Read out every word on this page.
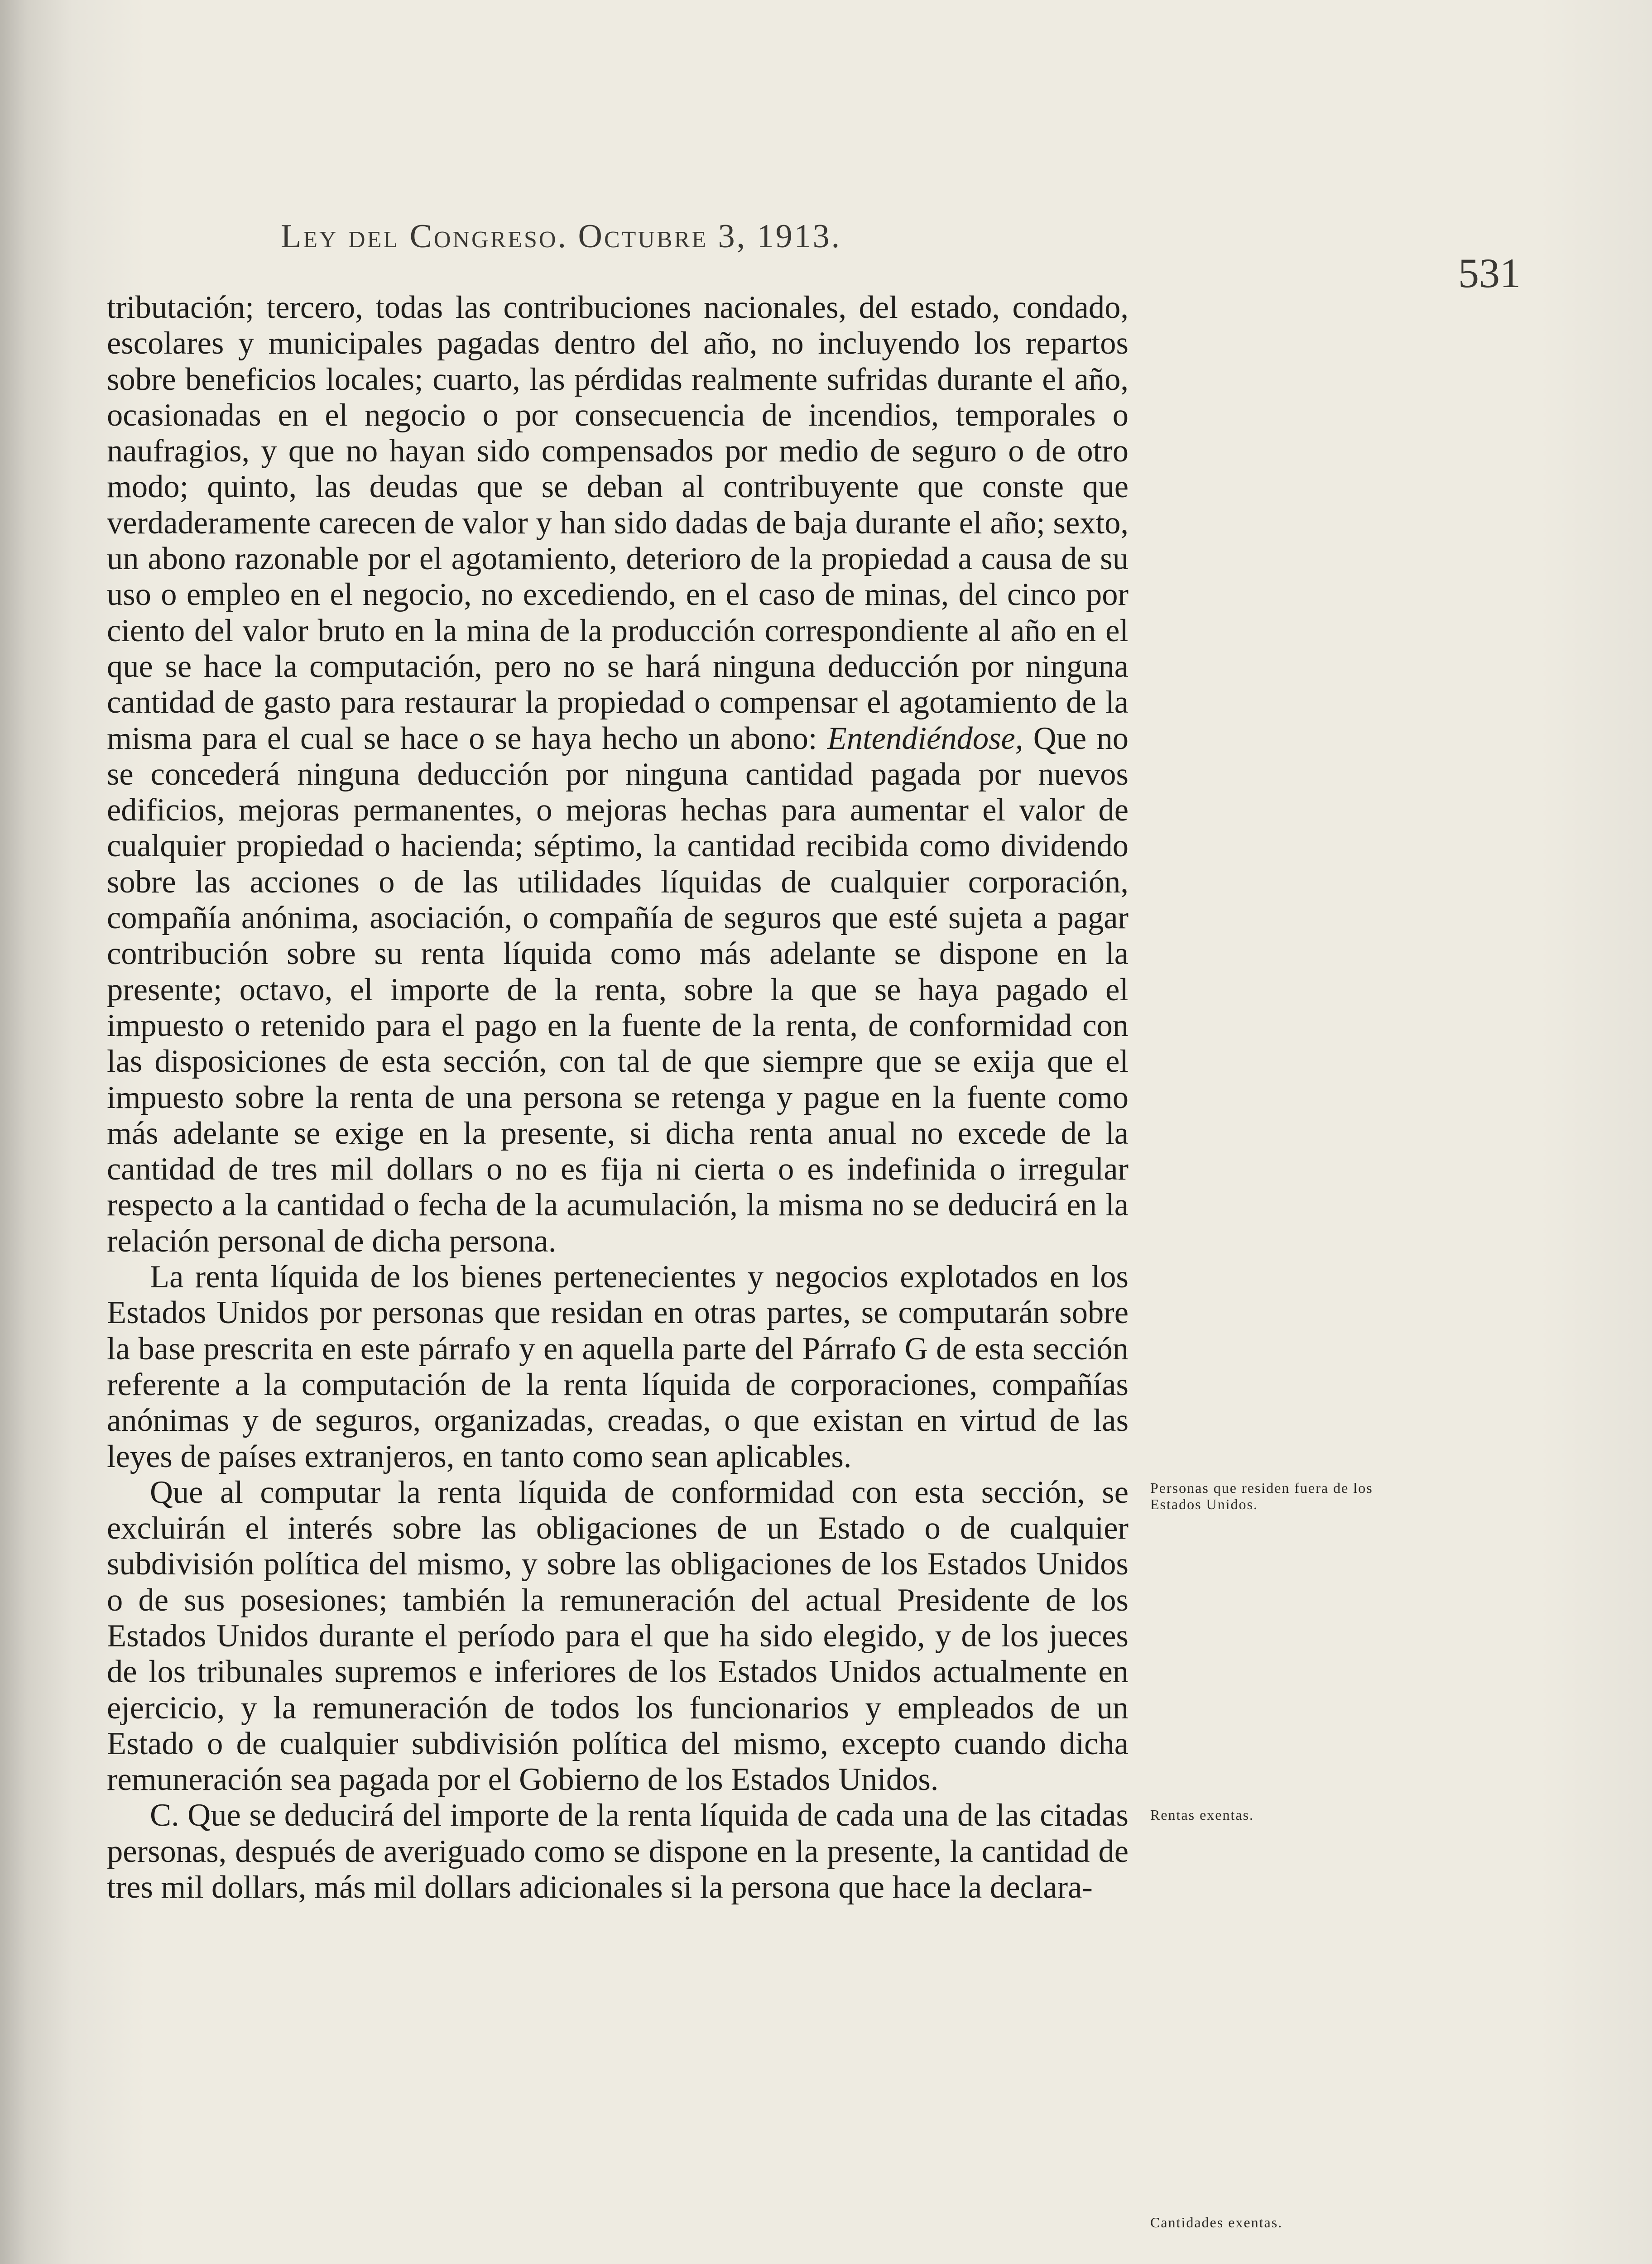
Ley del Congreso. Octubre 3, 1913.
531

tributación; tercero, todas las contribuciones nacionales, del estado, condado, escolares y municipales pagadas dentro del año, no incluyendo los repartos sobre beneficios locales; cuarto, las pérdidas realmente sufridas durante el año, ocasionadas en el negocio o por consecuencia de incendios, temporales o naufragios, y que no hayan sido compensados por medio de seguro o de otro modo; quinto, las deudas que se deban al contribuyente que conste que verdaderamente carecen de valor y han sido dadas de baja durante el año; sexto, un abono razonable por el agotamiento, deterioro de la propiedad a causa de su uso o empleo en el negocio, no excediendo, en el caso de minas, del cinco por ciento del valor bruto en la mina de la producción correspondiente al año en el que se hace la computación, pero no se hará ninguna deducción por ninguna cantidad de gasto para restaurar la propiedad o compensar el agotamiento de la misma para el cual se hace o se haya hecho un abono: Entendiéndose, Que no se concederá ninguna deducción por ninguna cantidad pagada por nuevos edificios, mejoras permanentes, o mejoras hechas para aumentar el valor de cualquier propiedad o hacienda; séptimo, la cantidad recibida como dividendo sobre las acciones o de las utilidades líquidas de cualquier corporación, compañía anónima, asociación, o compañía de seguros que esté sujeta a pagar contribución sobre su renta líquida como más adelante se dispone en la presente; octavo, el importe de la renta, sobre la que se haya pagado el impuesto o retenido para el pago en la fuente de la renta, de conformidad con las disposiciones de esta sección, con tal de que siempre que se exija que el impuesto sobre la renta de una persona se retenga y pague en la fuente como más adelante se exige en la presente, si dicha renta anual no excede de la cantidad de tres mil dollars o no es fija ni cierta o es indefinida o irregular respecto a la cantidad o fecha de la acumulación, la misma no se deducirá en la relación personal de dicha persona.

La renta líquida de los bienes pertenecientes y negocios explotados en los Estados Unidos por personas que residan en otras partes, se computarán sobre la base prescrita en este párrafo y en aquella parte del Párrafo G de esta sección referente a la computación de la renta líquida de corporaciones, compañías anónimas y de seguros, organizadas, creadas, o que existan en virtud de las leyes de países extranjeros, en tanto como sean aplicables.

Que al computar la renta líquida de conformidad con esta sección, se excluirán el interés sobre las obligaciones de un Estado o de cualquier subdivisión política del mismo, y sobre las obligaciones de los Estados Unidos o de sus posesiones; también la remuneración del actual Presidente de los Estados Unidos durante el período para el que ha sido elegido, y de los jueces de los tribunales supremos e inferiores de los Estados Unidos actualmente en ejercicio, y la remuneración de todos los funcionarios y empleados de un Estado o de cualquier subdivisión política del mismo, excepto cuando dicha remuneración sea pagada por el Gobierno de los Estados Unidos.

C. Que se deducirá del importe de la renta líquida de cada una de las citadas personas, después de averiguado como se dispone en la presente, la cantidad de tres mil dollars, más mil dollars adicionales si la persona que hace la declara-

Personas que residen fuera de los Estados Unidos.
Rentas exentas.
Cantidades exentas.
